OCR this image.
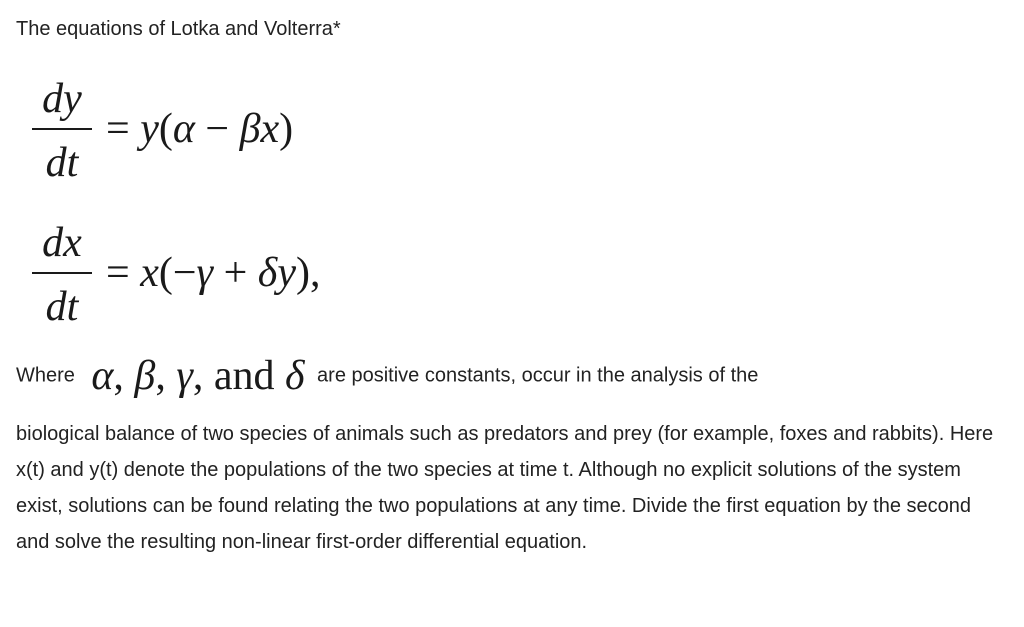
The equations of Lotka and Volterra*
dy
dt
= y(α − βx)
dx
dt
= x(−γ + δy),
Where α, β, γ, and δ are positive constants, occur in the analysis of the
biological balance of two species of animals such as predators and prey (for example, foxes and rabbits). Here x(t) and y(t) denote the populations of the two species at time t. Although no explicit solutions of the system exist, solutions can be found relating the two populations at any time. Divide the first equation by the second and solve the resulting non-linear first-order differential equation.
